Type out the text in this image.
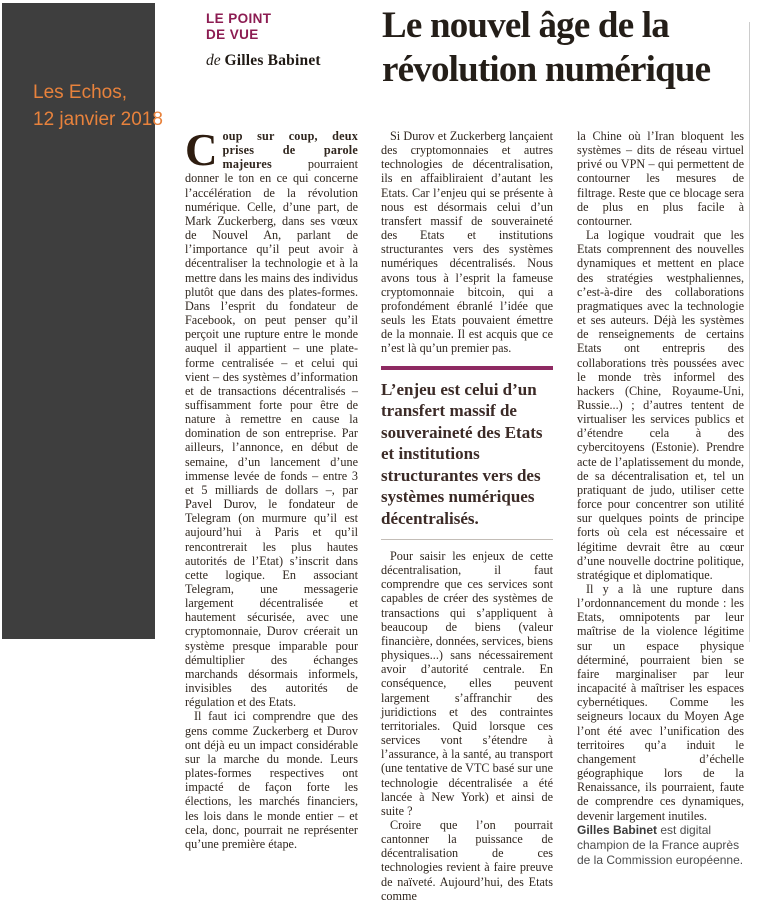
Les Echos,
12 janvier 2018
LE POINT
DE VUE
de Gilles Babinet
Le nouvel âge de la
révolution numérique

Coup sur coup, deux prises de parole majeures pourraient donner le ton en ce qui concerne l’accélération de la révolution numérique. Celle, d’une part, de Mark Zuckerberg, dans ses vœux de Nouvel An, parlant de l’importance qu’il peut avoir à décentraliser la technologie et à la mettre dans les mains des individus plutôt que dans des plates-formes. Dans l’esprit du fondateur de Facebook, on peut penser qu’il perçoit une rupture entre le monde auquel il appartient – une plate-forme centralisée – et celui qui vient – des systèmes d’information et de transactions décentralisés – suffisamment forte pour être de nature à remettre en cause la domination de son entreprise. Par ailleurs, l’annonce, en début de semaine, d’un lancement d’une immense levée de fonds – entre 3 et 5 milliards de dollars –, par Pavel Durov, le fondateur de Telegram (on murmure qu’il est aujourd’hui à Paris et qu’il rencontrerait les plus hautes autorités de l’Etat) s’inscrit dans cette logique. En associant Telegram, une messagerie largement décentralisée et hautement sécurisée, avec une cryptomonnaie, Durov créerait un système presque imparable pour démultiplier des échanges marchands désormais informels, invisibles des autorités de régulation et des Etats.

Il faut ici comprendre que des gens comme Zuckerberg et Durov ont déjà eu un impact considérable sur la marche du monde. Leurs plates-formes respectives ont impacté de façon forte les élections, les marchés financiers, les lois dans le monde entier – et cela, donc, pourrait ne représenter qu’une première étape.

Si Durov et Zuckerberg lançaient des cryptomonnaies et autres technologies de décentralisation, ils en affaibliraient d’autant les Etats. Car l’enjeu qui se présente à nous est désormais celui d’un transfert massif de souveraineté des Etats et institutions structurantes vers des systèmes numériques décentralisés. Nous avons tous à l’esprit la fameuse cryptomonnaie bitcoin, qui a profondément ébranlé l’idée que seuls les Etats pouvaient émettre de la monnaie. Il est acquis que ce n’est là qu’un premier pas.

L’enjeu est celui d’un transfert massif de souveraineté des Etats et institutions structurantes vers des systèmes numériques décentralisés.

Pour saisir les enjeux de cette décentralisation, il faut comprendre que ces services sont capables de créer des systèmes de transactions qui s’appliquent à beaucoup de biens (valeur financière, données, services, biens physiques...) sans nécessairement avoir d’autorité centrale. En conséquence, elles peuvent largement s’affranchir des juridictions et des contraintes territoriales. Quid lorsque ces services vont s’étendre à l’assurance, à la santé, au transport (une tentative de VTC basé sur une technologie décentralisée a été lancée à New York) et ainsi de suite ?

Croire que l’on pourrait cantonner la puissance de décentralisation de ces technologies revient à faire preuve de naïveté. Aujourd’hui, des Etats comme

la Chine où l’Iran bloquent les systèmes – dits de réseau virtuel privé ou VPN – qui permettent de contourner les mesures de filtrage. Reste que ce blocage sera de plus en plus facile à contourner.

La logique voudrait que les Etats comprennent des nouvelles dynamiques et mettent en place des stratégies westphaliennes, c’est-à-dire des collaborations pragmatiques avec la technologie et ses auteurs. Déjà les systèmes de renseignements de certains Etats ont entrepris des collaborations très poussées avec le monde très informel des hackers (Chine, Royaume-Uni, Russie...) ; d’autres tentent de virtualiser les services publics et d’étendre cela à des cybercitoyens (Estonie). Prendre acte de l’aplatissement du monde, de sa décentralisation et, tel un pratiquant de judo, utiliser cette force pour concentrer son utilité sur quelques points de principe forts où cela est nécessaire et légitime devrait être au cœur d’une nouvelle doctrine politique, stratégique et diplomatique.

Il y a là une rupture dans l’ordonnancement du monde : les Etats, omnipotents par leur maîtrise de la violence légitime sur un espace physique déterminé, pourraient bien se faire marginaliser par leur incapacité à maîtriser les espaces cybernétiques. Comme les seigneurs locaux du Moyen Age l’ont été avec l’unification des territoires qu’a induit le changement d’échelle géographique lors de la Renaissance, ils pourraient, faute de comprendre ces dynamiques, devenir largement inutiles.

Gilles Babinet est digital champion de la France auprès de la Commission européenne.
